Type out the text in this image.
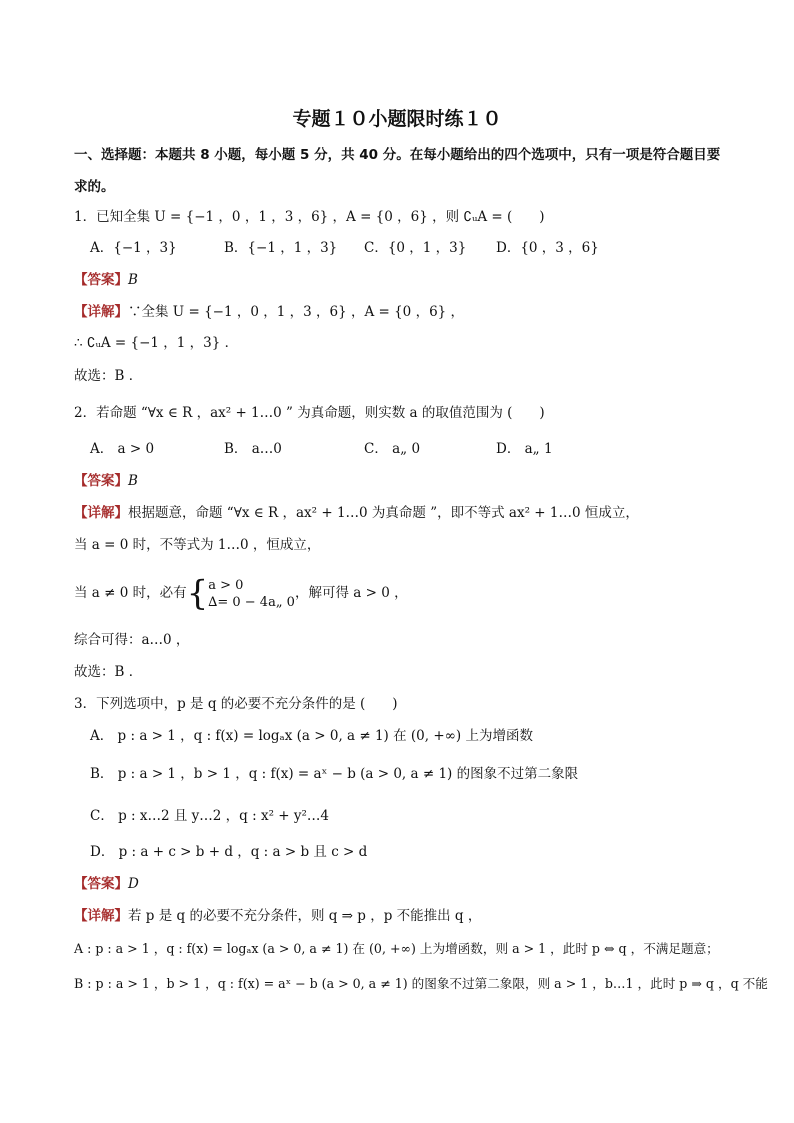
专题１０小题限时练１０
一、选择题：本题共 8 小题，每小题 5 分，共 40 分。在每小题给出的四个选项中，只有一项是符合题目要
求的。
1．已知全集 U = {−1 ，0 ，1 ，3 ，6} ，A = {0 ，6} ，则 ∁ᵤA = (　　)
A．{−1 ，3}	B．{−1 ，1 ，3} C．{0 ，1 ，3} D．{0 ，3 ，6}
【答案】B
【详解】∵全集 U = {−1 ，0 ，1 ，3 ，6} ，A = {0 ，6} ，
∴ ∁ᵤA = {−1 ，1 ，3} ．
故选：B ．
2．若命题 “∀x ∈ R ，ax² + 1…0 ” 为真命题，则实数 a 的取值范围为 (　　)
A． a > 0	B． a…0	C． a„ 0	D． a„ 1
【答案】B
【详解】根据题意，命题 “∀x ∈ R ，ax² + 1…0 为真命题 ”，即不等式 ax² + 1…0 恒成立，
当 a = 0 时，不等式为 1…0 ，恒成立，
当 a ≠ 0 时，必有{ a > 0
∆= 0 − 4a„ 0
，解可得 a > 0 ，
综合可得：a…0 ，
故选：B ．
3．下列选项中，p 是 q 的必要不充分条件的是 (　　)
A． p : a > 1 ，q : f(x) = logₐx (a > 0, a ≠ 1) 在 (0, +∞) 上为增函数
B． p : a > 1 ，b > 1 ，q : f(x) = aˣ − b (a > 0, a ≠ 1) 的图象不过第二象限
C． p : x…2 且 y…2 ，q : x² + y²…4
D． p : a + c > b + d ，q : a > b 且 c > d
【答案】D
【详解】若 p 是 q 的必要不充分条件，则 q ⇒ p ，p 不能推出 q ，
A : p : a > 1 ，q : f(x) = logₐx (a > 0, a ≠ 1) 在 (0, +∞) 上为增函数，则 a > 1 ，此时 p ⇔ q ，不满足题意；
B : p : a > 1 ，b > 1 ，q : f(x) = aˣ − b (a > 0, a ≠ 1) 的图象不过第二象限，则 a > 1 ，b…1 ，此时 p ⇒ q ，q 不能
